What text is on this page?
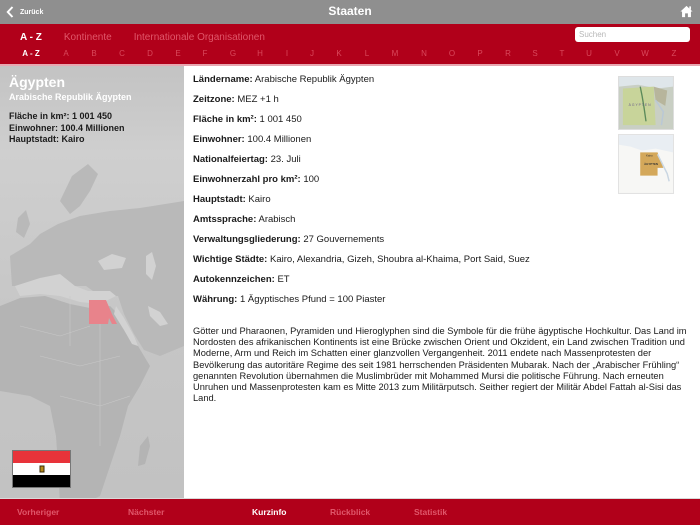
Zurück	Staaten
A - Z Kontinente Internationale Organisationen
Suchen
A - Z	A	B	C	D	E	F	G	H	I	J	K	L	M	N	O	P	R	S	T	U	V	W	Z
Ägypten
Arabische Republik Ägypten
Fläche in km²: 1 001 450
Einwohner: 100.4 Millionen
Hauptstadt: Kairo
Ländername: Arabische Republik Ägypten
Zeitzone: MEZ +1 h
Fläche in km²: 1 001 450
Einwohner: 100.4 Millionen
Nationalfeiertag: 23. Juli
Einwohnerzahl pro km²: 100
Hauptstadt: Kairo
Amtssprache: Arabisch
Verwaltungsgliederung: 27 Gouvernements
Wichtige Städte: Kairo, Alexandria, Gizeh, Shoubra al-Khaima, Port Said, Suez
Autokennzeichen: ET
Währung: 1 Ägyptisches Pfund = 100 Piaster
Götter und Pharaonen, Pyramiden und Hieroglyphen sind die Symbole für die frühe ägyptische Hochkultur. Das Land im Nordosten des afrikanischen Kontinents ist eine Brücke zwischen Orient und Okzident, ein Land zwischen Tradition und Moderne, Arm und Reich im Schatten einer glanzvollen Vergangenheit. 2011 endete nach Massenprotesten der Bevölkerung das autoritäre Regime des seit 1981 herrschenden Präsidenten Mubarak. Nach der „Arabischer Frühling“ genannten Revolution übernahmen die Muslimbrüder mit Mohammed Mursi die politische Führung. Nach erneuten Unruhen und Massenprotesten kam es Mitte 2013 zum Militärputsch. Seither regiert der Militär Abdel Fattah al-Sisi das Land.
ÄGYPTEN
Kairo
ÄGYPTEN
Vorheriger	Nächster	Kurzinfo	Rückblick	Statistik
